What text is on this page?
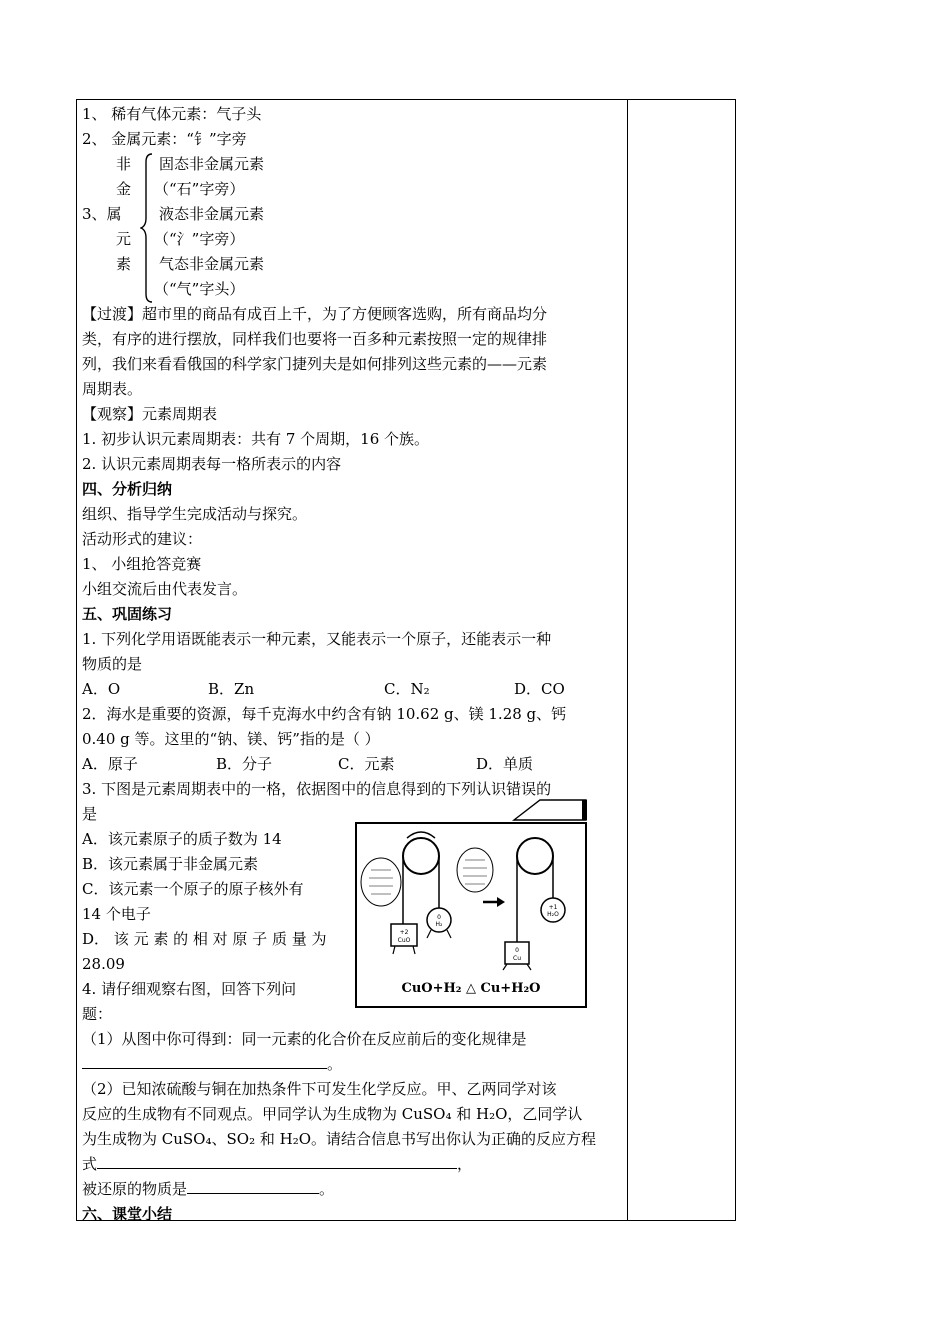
1、 稀有气体元素：气子头
2、 金属元素：“钅”字旁
非
金
3、属
元
素
固态非金属元素
（“石”字旁）
液态非金属元素
（“氵”字旁）
气态非金属元素
（“气”字头）
【过渡】超市里的商品有成百上千，为了方便顾客选购，所有商品均分
类，有序的进行摆放，同样我们也要将一百多种元素按照一定的规律排
列，我们来看看俄国的科学家门捷列夫是如何排列这些元素的——元素
周期表。
【观察】元素周期表
1. 初步认识元素周期表：共有 7 个周期，16 个族。
2. 认识元素周期表每一格所表示的内容
四、分析归纳
组织、指导学生完成活动与探究。
活动形式的建议：
1、 小组抢答竞赛
小组交流后由代表发言。
五、巩固练习
1. 下列化学用语既能表示一种元素，又能表示一个原子，还能表示一种
物质的是
A．O	B．Zn	C．N₂	D．CO
2．海水是重要的资源，每千克海水中约含有钠 10.62 g、镁 1.28 g、钙
0.40 g 等。这里的“钠、镁、钙”指的是（ ）
A．原子	B．分子	C．元素	D．单质
3. 下图是元素周期表中的一格，依据图中的信息得到的下列认识错误的
是
A．该元素原子的质子数为 14
B．该元素属于非金属元素
C．该元素一个原子的原子核外有
14 个电子
D． 该 元 素 的 相 对 原 子 质 量 为
28.09
4. 请仔细观察右图，回答下列问
题：
（1）从图中你可得到：同一元素的化合价在反应前后的变化规律是
。
（2）已知浓硫酸与铜在加热条件下可发生化学反应。甲、乙两同学对该
反应的生成物有不同观点。甲同学认为生成物为 CuSO₄ 和 H₂O，乙同学认
为生成物为 CuSO₄、SO₂ 和 H₂O。请结合信息书写出你认为正确的反应方程
式	，
被还原的物质是	。
六、课堂小结
+2
CuO
0
H₂
+1
H₂O
0
Cu
CuO+H₂ △ Cu+H₂O
